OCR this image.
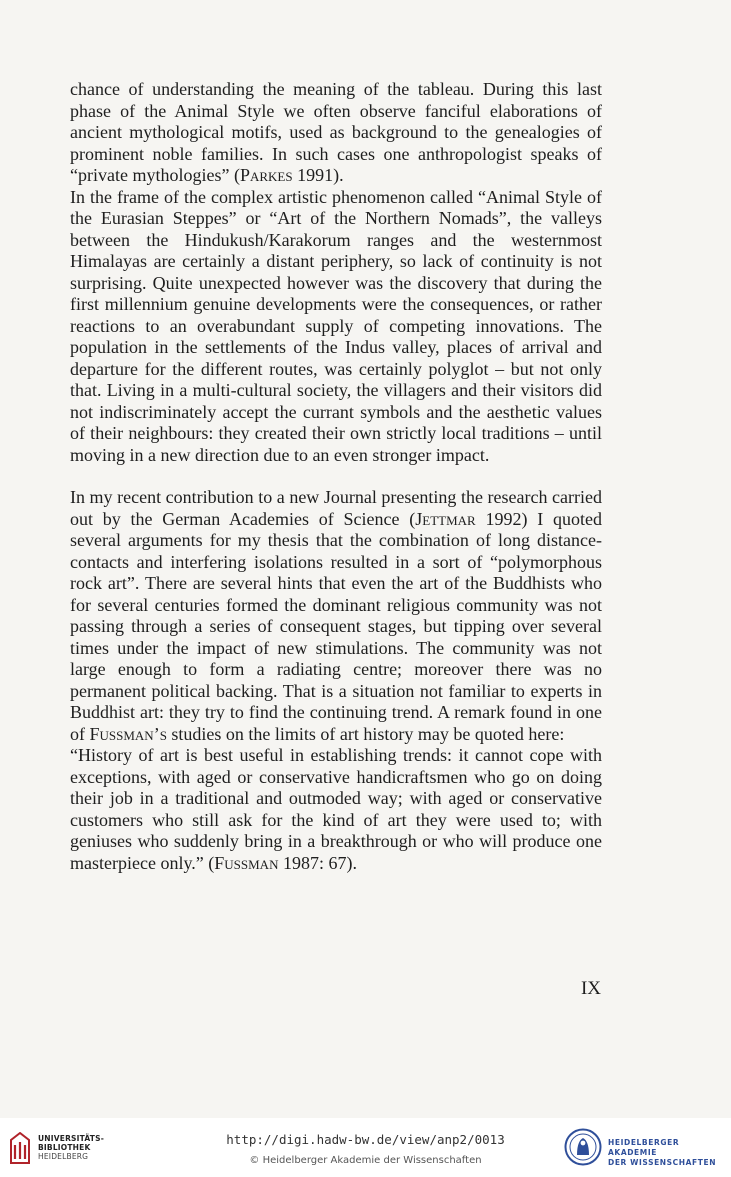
chance of understanding the meaning of the tableau. During this last phase of the Animal Style we often observe fanciful elaborations of ancient mythological motifs, used as background to the genealogies of prominent noble families. In such cases one anthropologist speaks of “private mythologies” (Parkes 1991).

In the frame of the complex artistic phenomenon called “Animal Style of the Eurasian Steppes” or “Art of the Northern Nomads”, the valleys between the Hindukush/Karakorum ranges and the westernmost Himalayas are certainly a distant periphery, so lack of continuity is not surprising. Quite unexpected however was the discovery that during the first millennium genuine developments were the consequences, or rather reactions to an overabundant supply of competing innovations. The population in the settlements of the Indus valley, places of arrival and departure for the different routes, was certainly polyglot – but not only that. Living in a multi-cultural society, the villagers and their visitors did not indiscriminately accept the currant symbols and the aesthetic values of their neighbours: they created their own strictly local traditions – until moving in a new direction due to an even stronger impact.

In my recent contribution to a new Journal presenting the research carried out by the German Academies of Science (Jettmar 1992) I quoted several arguments for my thesis that the combination of long distance-contacts and interfering isolations resulted in a sort of “polymorphous rock art”. There are several hints that even the art of the Buddhists who for several centuries formed the dominant religious community was not passing through a series of consequent stages, but tipping over several times under the impact of new stimulations. The community was not large enough to form a radiating centre; moreover there was no permanent political backing. That is a situation not familiar to experts in Buddhist art: they try to find the continuing trend. A remark found in one of Fussman’s studies on the limits of art history may be quoted here:

“History of art is best useful in establishing trends: it cannot cope with exceptions, with aged or conservative handicraftsmen who go on doing their job in a traditional and outmoded way; with aged or conservative customers who still ask for the kind of art they were used to; with geniuses who suddenly bring in a breakthrough or who will produce one masterpiece only.” (Fussman 1987: 67).

IX
UNIVERSITÄTS-
BIBLIOTHEK
HEIDELBERG
http://digi.hadw-bw.de/view/anp2/0013
© Heidelberger Akademie der Wissenschaften
HEIDELBERGER AKADEMIE
DER WISSENSCHAFTEN
